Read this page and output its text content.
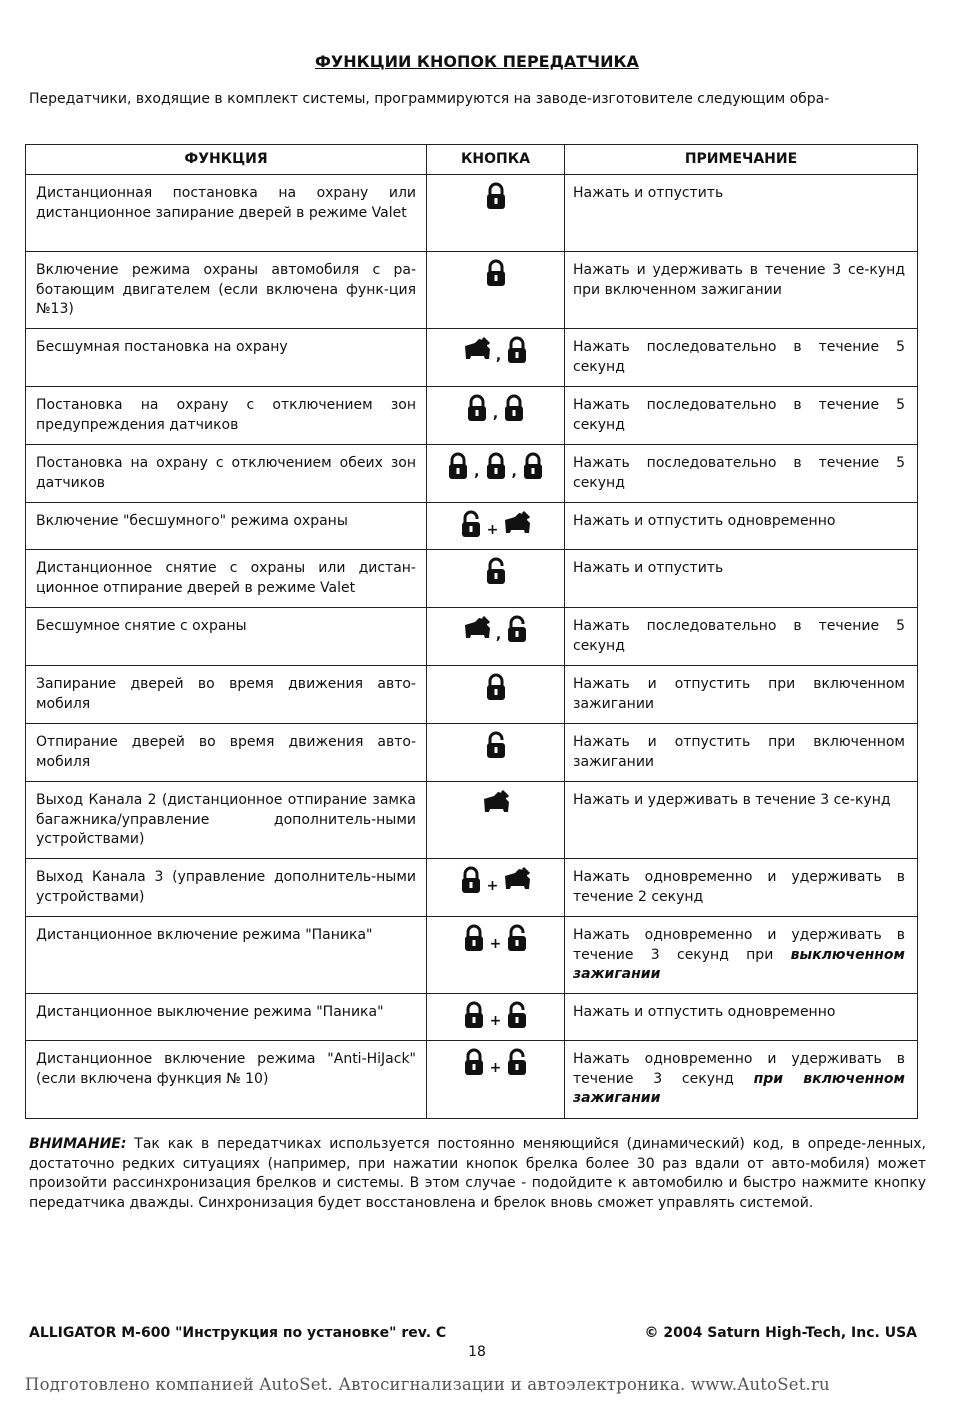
ФУНКЦИИ КНОПОК ПЕРЕДАТЧИКА
Передатчики, входящие в комплект системы, программируются на заводе-изготовителе следующим обра-
ФУНКЦИЯ	КНОПКА	ПРИМЕЧАНИЕ
Дистанционная постановка на охрану или дистанционное запирание дверей в режиме Valet		Нажать и отпустить
Включение режима охраны автомобиля с ра-ботающим двигателем (если включена функ-ция №13)		Нажать и удерживать в течение 3 се-кунд при включенном зажигании
Бесшумная постановка на охрану	,	Нажать последовательно в течение 5 секунд
Постановка на охрану с отключением зон предупреждения датчиков	,	Нажать последовательно в течение 5 секунд
Постановка на охрану с отключением обеих зон датчиков	, ,	Нажать последовательно в течение 5 секунд
Включение "бесшумного" режима охраны	+	Нажать и отпустить одновременно
Дистанционное снятие с охраны или дистан-ционное отпирание дверей в режиме Valet		Нажать и отпустить
Бесшумное снятие с охраны	,	Нажать последовательно в течение 5 секунд
Запирание дверей во время движения авто-мобиля		Нажать и отпустить при включенном зажигании
Отпирание дверей во время движения авто-мобиля		Нажать и отпустить при включенном зажигании
Выход Канала 2 (дистанционное отпирание замка багажника/управление дополнитель-ными устройствами)		Нажать и удерживать в течение 3 се-кунд
Выход Канала 3 (управление дополнитель-ными устройствами)	+	Нажать одновременно и удерживать в течение 2 секунд
Дистанционное включение режима "Паника"	+	Нажать одновременно и удерживать в течение 3 секунд при выключенном зажигании
Дистанционное выключение режима "Паника"	+	Нажать и отпустить одновременно
Дистанционное включение режима "Anti-HiJack" (если включена функция № 10)	+	Нажать одновременно и удерживать в течение 3 секунд при включенном зажигании
ВНИМАНИЕ: Так как в передатчиках используется постоянно меняющийся (динамический) код, в опреде-ленных, достаточно редких ситуациях (например, при нажатии кнопок брелка более 30 раз вдали от авто-мобиля) может произойти рассинхронизация брелков и системы. В этом случае - подойдите к автомобилю и быстро нажмите кнопку передатчика дважды. Синхронизация будет восстановлена и брелок вновь сможет управлять системой.
ALLIGATOR M-600 "Инструкция по установке" rev. C	© 2004 Saturn High-Tech, Inc. USA
18
Подготовлено компанией AutoSet. Автосигнализации и автоэлектроника. www.AutoSet.ru
